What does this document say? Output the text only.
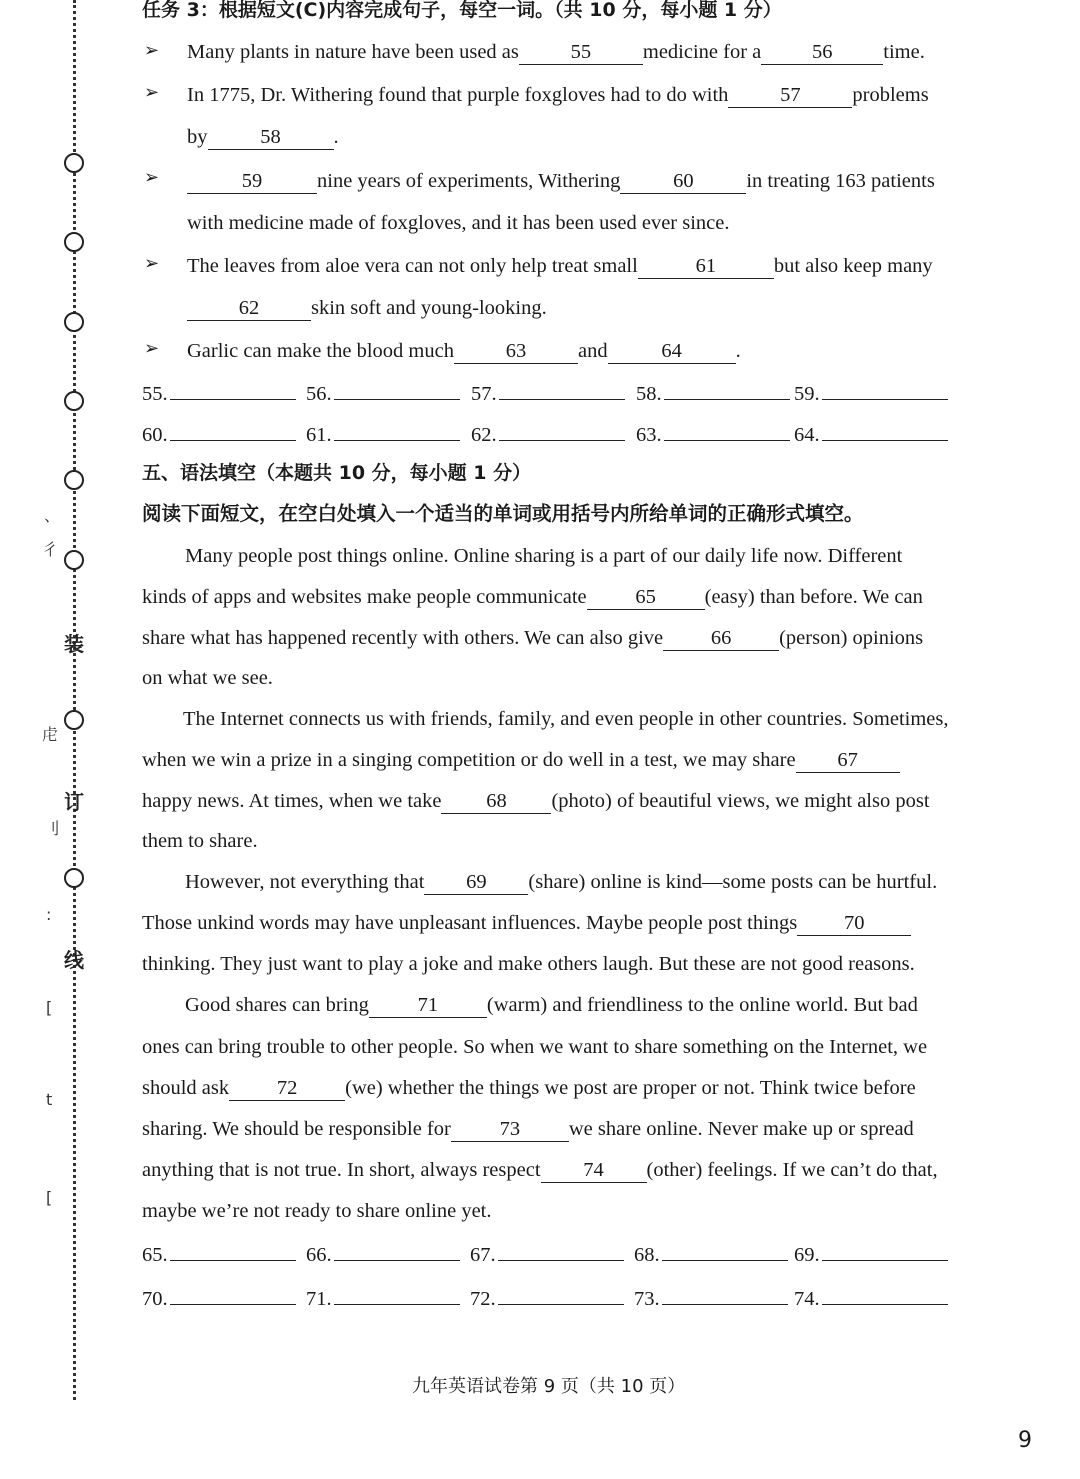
装
订
线
、
彳
虍
刂
:
[
t
[
任务 3：根据短文(C)内容完成句子，每空一词。（共 10 分，每小题 1 分）
Many plants in nature have been used as	55	medicine for a 56 time.
➢
In 1775, Dr. Withering found that purple foxgloves had to do with	57	problems
➢
by	58	.
59	nine years of experiments, Withering	60	in treating 163 patients
➢
with medicine made of foxgloves, and it has been used ever since.
The leaves from aloe vera can not only help treat small	61	but also keep many
➢
62	skin soft and young-looking.
Garlic can make the blood much	63	and	64	.
➢
55.	56.	57.	58.	59.
60.	61.	62.	63.	64.
五、语法填空（本题共 10 分，每小题 1 分）
阅读下面短文，在空白处填入一个适当的单词或用括号内所给单词的正确形式填空。
Many people post things online. Online sharing is a part of our daily life now. Different
kinds of apps and websites make people communicate 65 (easy) than before. We can
share what has happened recently with others. We can also give 66 (person) opinions
on what we see.
The Internet connects us with friends, family, and even people in other countries. Sometimes,
when we win a prize in a singing competition or do well in a test, we may share 67
happy news. At times, when we take 68 (photo) of beautiful views, we might also post
them to share.
However, not everything that 69 (share) online is kind—some posts can be hurtful.
Those unkind words may have unpleasant influences. Maybe people post things 70
thinking. They just want to play a joke and make others laugh. But these are not good reasons.
Good shares can bring 71 (warm) and friendliness to the online world. But bad
ones can bring trouble to other people. So when we want to share something on the Internet, we
should ask 72 (we) whether the things we post are proper or not. Think twice before
sharing. We should be responsible for 73 we share online. Never make up or spread
anything that is not true. In short, always respect 74 (other) feelings. If we can’t do that,
maybe we’re not ready to share online yet.
65.	66.	67.	68.	69.
70.	71.	72.	73.	74.
九年英语试卷第 9 页（共 10 页）
9
